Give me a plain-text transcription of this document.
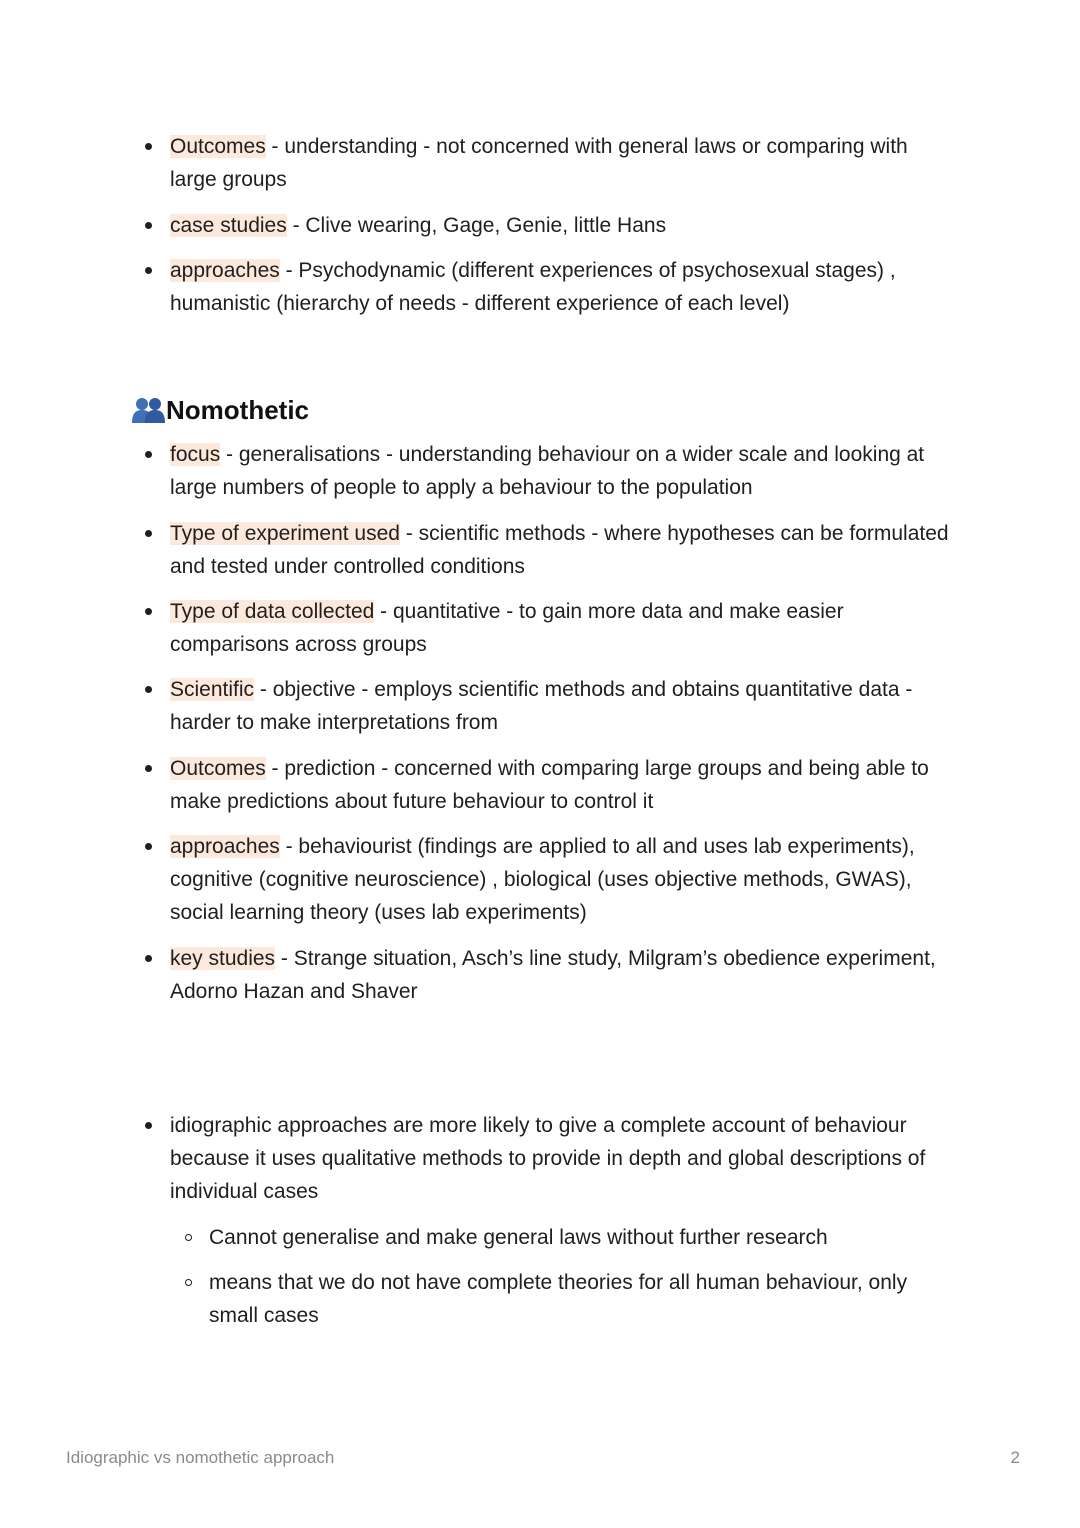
Outcomes - understanding - not concerned with general laws or comparing with large groups
case studies - Clive wearing, Gage, Genie, little Hans
approaches - Psychodynamic (different experiences of psychosexual stages) , humanistic (hierarchy of needs - different experience of each level)
Nomothetic
focus - generalisations - understanding behaviour on a wider scale and looking at large numbers of people to apply a behaviour to the population
Type of experiment used - scientific methods - where hypotheses can be formulated and tested under controlled conditions
Type of data collected - quantitative - to gain more data and make easier comparisons across groups
Scientific - objective - employs scientific methods and obtains quantitative data - harder to make interpretations from
Outcomes - prediction - concerned with comparing large groups and being able to make predictions about future behaviour to control it
approaches - behaviourist (findings are applied to all and uses lab experiments), cognitive (cognitive neuroscience) , biological (uses objective methods, GWAS), social learning theory (uses lab experiments)
key studies - Strange situation, Asch’s line study, Milgram’s obedience experiment, Adorno Hazan and Shaver
idiographic approaches are more likely to give a complete account of behaviour because it uses qualitative methods to provide in depth and global descriptions of individual cases
Cannot generalise and make general laws without further research
means that we do not have complete theories for all human behaviour, only small cases
Idiographic vs nomothetic approach	2
